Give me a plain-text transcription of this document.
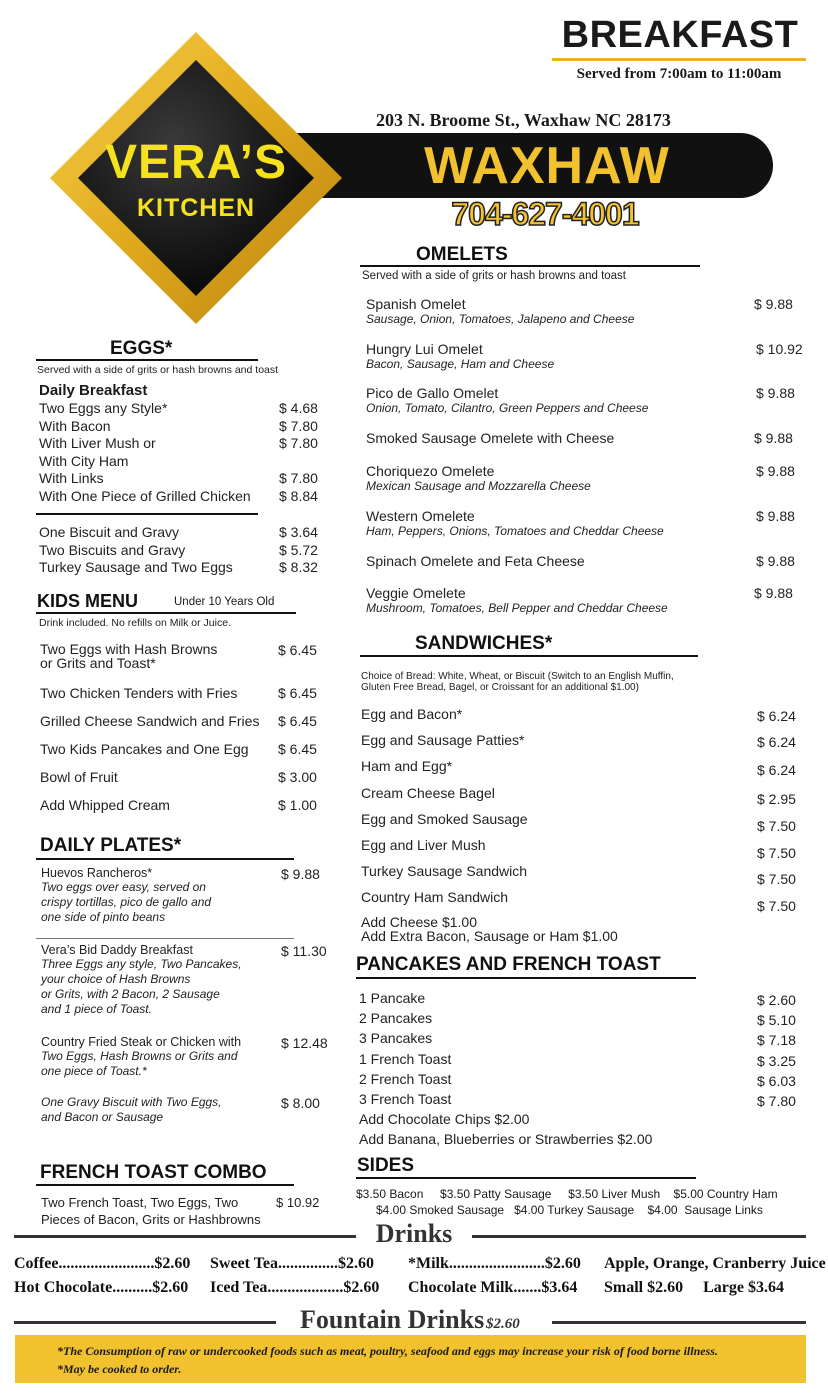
BREAKFAST
Served from 7:00am to 11:00am
203 N. Broome St., Waxhaw NC 28173
WAXHAW
704-627-4001
VERA’S
KITCHEN
EGGS*
Served with a side of grits or hash browns and toast
Daily Breakfast
Two Eggs any Style*	$ 4.68
With Bacon	$ 7.80
With Liver Mush or	$ 7.80
With City Ham
With Links	$ 7.80
With One Piece of Grilled Chicken $ 8.84
One Biscuit and Gravy	$ 3.64
Two Biscuits and Gravy	$ 5.72
Turkey Sausage and Two Eggs	$ 8.32
KIDS MENU	Under 10 Years Old
Drink included. No refills on Milk or Juice.
Two Eggs with Hash Browns
or Grits and Toast*
$ 6.45
Two Chicken Tenders with Fries	$ 6.45
Grilled Cheese Sandwich and Fries $ 6.45
Two Kids Pancakes and One Egg $ 6.45
Bowl of Fruit	$ 3.00
Add Whipped Cream	$ 1.00
DAILY PLATES*
Huevos Rancheros*
Two eggs over easy, served on
crispy tortillas, pico de gallo and
one side of pinto beans
$ 9.88
Vera’s Bid Daddy Breakfast
Three Eggs any style, Two Pancakes,
your choice of Hash Browns
or Grits, with 2 Bacon, 2 Sausage
and 1 piece of Toast.
$ 11.30
Country Fried Steak or Chicken with
Two Eggs, Hash Browns or Grits and
one piece of Toast.*
$ 12.48
One Gravy Biscuit with Two Eggs,
and Bacon or Sausage
$ 8.00
FRENCH TOAST COMBO
Two French Toast, Two Eggs, Two
Pieces of Bacon, Grits or Hashbrowns
$ 10.92
OMELETS
Served with a side of grits or hash browns and toast
Spanish Omelet
Sausage, Onion, Tomatoes, Jalapeno and Cheese
$ 9.88
Hungry Lui Omelet
Bacon, Sausage, Ham and Cheese
$ 10.92
Pico de Gallo Omelet
Onion, Tomato, Cilantro, Green Peppers and Cheese
$ 9.88
Smoked Sausage Omelete with Cheese	$ 9.88
Choriquezo Omelete
Mexican Sausage and Mozzarella Cheese
$ 9.88
Western Omelete
Ham, Peppers, Onions, Tomatoes and Cheddar Cheese
$ 9.88
Spinach Omelete and Feta Cheese	$ 9.88
Veggie Omelete
Mushroom, Tomatoes, Bell Pepper and Cheddar Cheese
$ 9.88
SANDWICHES*
Choice of Bread: White, Wheat, or Biscuit (Switch to an English Muffin,
Gluten Free Bread, Bagel, or Croissant for an additional $1.00)
Egg and Bacon*	$ 6.24
Egg and Sausage Patties*	$ 6.24
Ham and Egg*	$ 6.24
Cream Cheese Bagel	$ 2.95
Egg and Smoked Sausage	$ 7.50
Egg and Liver Mush	$ 7.50
Turkey Sausage Sandwich	$ 7.50
Country Ham Sandwich
$ 7.50
Add Cheese $1.00
Add Extra Bacon, Sausage or Ham $1.00
PANCAKES AND FRENCH TOAST
1 Pancake	$ 2.60
2 Pancakes	$ 5.10
3 Pancakes	$ 7.18
1 French Toast	$ 3.25
2 French Toast	$ 6.03
3 French Toast	$ 7.80
Add Chocolate Chips $2.00
Add Banana, Blueberries or Strawberries $2.00
SIDES
$3.50 Bacon     $3.50 Patty Sausage     $3.50 Liver Mush    $5.00 Country Ham
$4.00 Smoked Sausage   $4.00 Turkey Sausage    $4.00  Sausage Links
Drinks
Coffee........................$2.60 Sweet Tea...............$2.60 *Milk........................$2.60 Apple, Orange, Cranberry Juice
Hot Chocolate..........$2.60 Iced Tea...................$2.60 Chocolate Milk.......$3.64 Small $2.60     Large $3.64
Fountain Drinks $2.60
*The Consumption of raw or undercooked foods such as meat, poultry, seafood and eggs may increase your risk of food borne illness.
*May be cooked to order.
